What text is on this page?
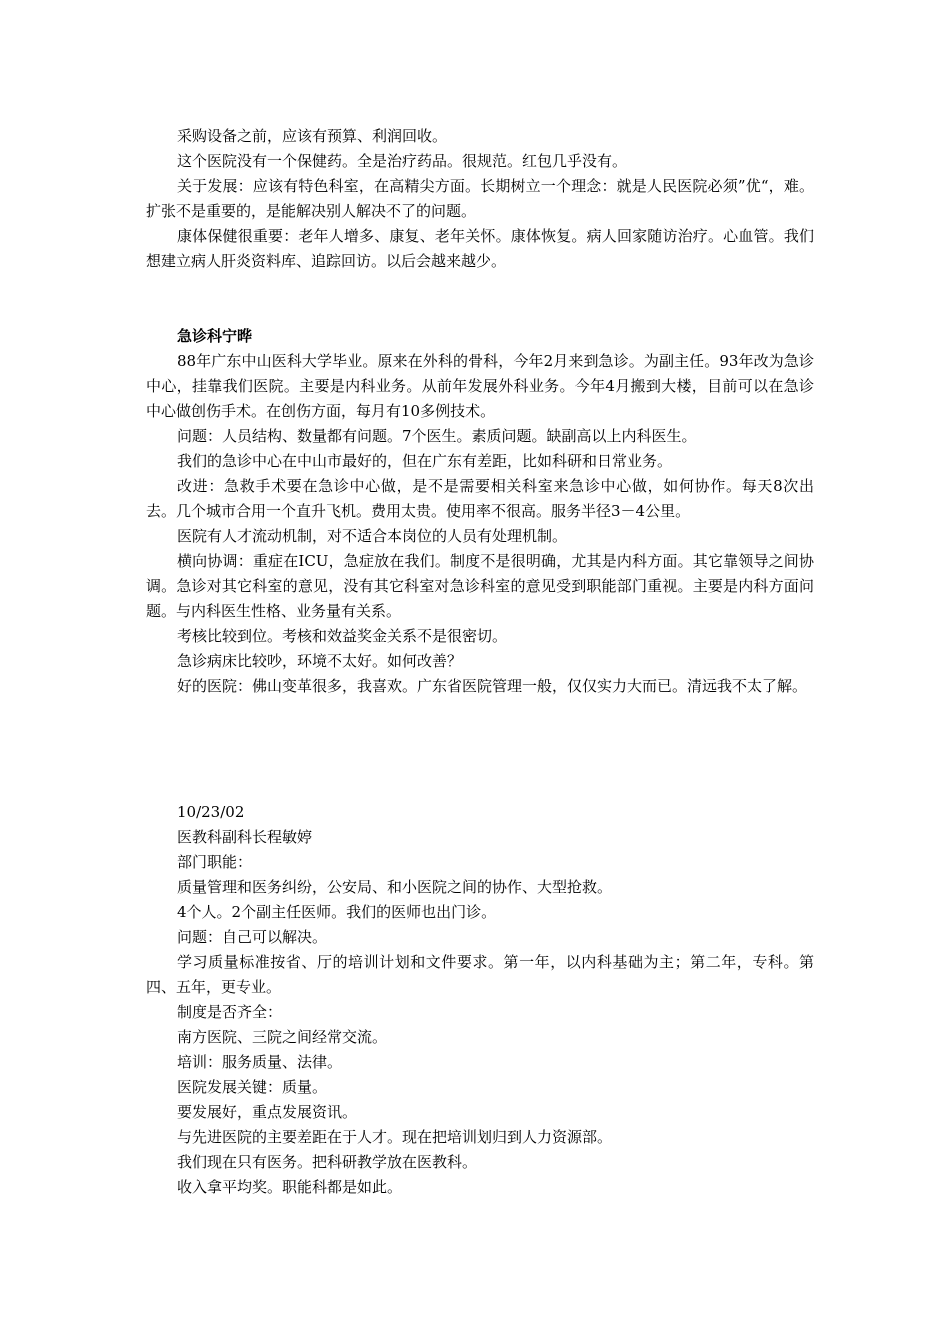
采购设备之前，应该有预算、利润回收。

这个医院没有一个保健药。全是治疗药品。很规范。红包几乎没有。

关于发展：应该有特色科室，在高精尖方面。长期树立一个理念：就是人民医院必须”优“，难。扩张不是重要的，是能解决别人解决不了的问题。

康体保健很重要：老年人增多、康复、老年关怀。康体恢复。病人回家随访治疗。心血管。我们想建立病人肝炎资料库、追踪回访。以后会越来越少。

急诊科宁晔

88年广东中山医科大学毕业。原来在外科的骨科，今年2月来到急诊。为副主任。93年改为急诊中心，挂靠我们医院。主要是内科业务。从前年发展外科业务。今年4月搬到大楼，目前可以在急诊中心做创伤手术。在创伤方面，每月有10多例技术。

问题：人员结构、数量都有问题。7个医生。素质问题。缺副高以上内科医生。

我们的急诊中心在中山市最好的，但在广东有差距，比如科研和日常业务。

改进：急救手术要在急诊中心做，是不是需要相关科室来急诊中心做，如何协作。每天8次出去。几个城市合用一个直升飞机。费用太贵。使用率不很高。服务半径3－4公里。

医院有人才流动机制，对不适合本岗位的人员有处理机制。

横向协调：重症在ICU，急症放在我们。制度不是很明确，尤其是内科方面。其它靠领导之间协调。急诊对其它科室的意见，没有其它科室对急诊科室的意见受到职能部门重视。主要是内科方面问题。与内科医生性格、业务量有关系。

考核比较到位。考核和效益奖金关系不是很密切。

急诊病床比较吵，环境不太好。如何改善？

好的医院：佛山变革很多，我喜欢。广东省医院管理一般，仅仅实力大而已。清远我不太了解。

10/23/02

医教科副科长程敏婷

部门职能：

质量管理和医务纠纷，公安局、和小医院之间的协作、大型抢救。

4个人。2个副主任医师。我们的医师也出门诊。

问题：自己可以解决。

学习质量标准按省、厅的培训计划和文件要求。第一年，以内科基础为主；第二年，专科。第四、五年，更专业。

制度是否齐全：

南方医院、三院之间经常交流。

培训：服务质量、法律。

医院发展关键：质量。

要发展好，重点发展资讯。

与先进医院的主要差距在于人才。现在把培训划归到人力资源部。

我们现在只有医务。把科研教学放在医教科。

收入拿平均奖。职能科都是如此。
